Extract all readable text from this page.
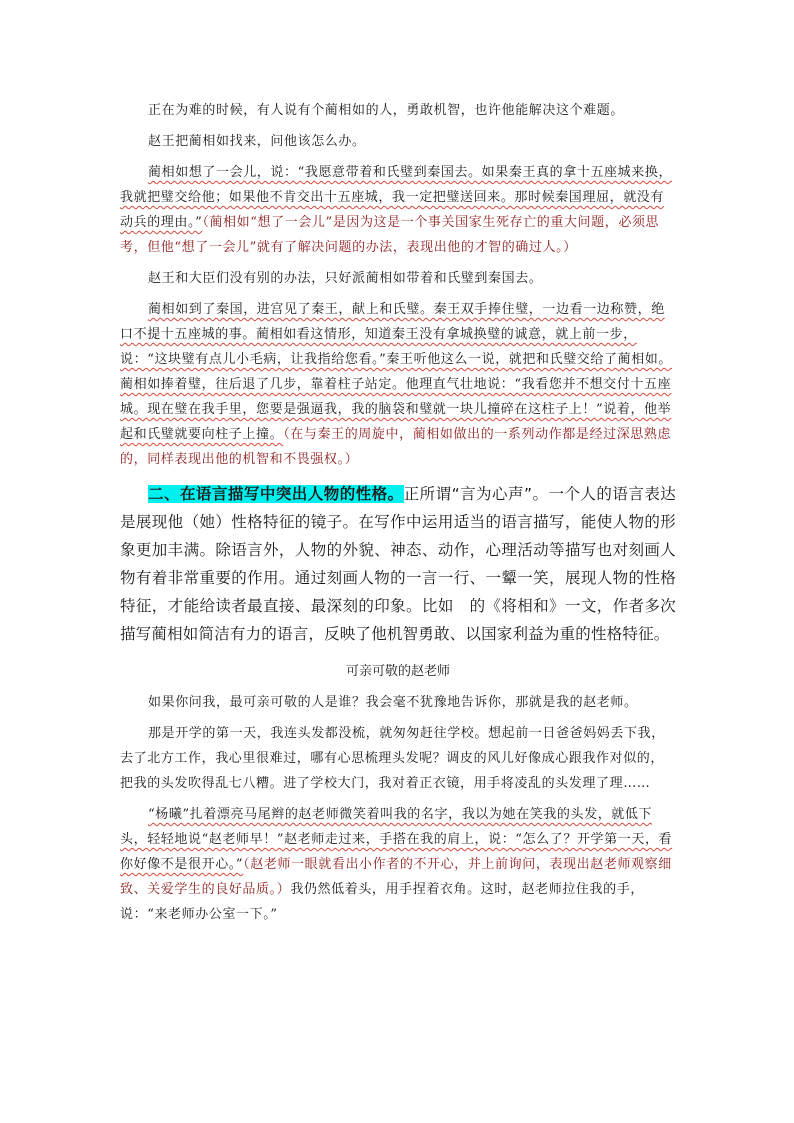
正在为难的时候，有人说有个蔺相如的人，勇敢机智，也许他能解决这个难题。

赵王把蔺相如找来，问他该怎么办。

蔺相如想了一会儿，说：“我愿意带着和氏璧到秦国去。如果秦王真的拿十五座城来换，我就把璧交给他；如果他不肯交出十五座城，我一定把璧送回来。那时候秦国理屈，就没有动兵的理由。”（蔺相如“想了一会儿”是因为这是一个事关国家生死存亡的重大问题，必须思考，但他“想了一会儿”就有了解决问题的办法，表现出他的才智的确过人。）

赵王和大臣们没有别的办法，只好派蔺相如带着和氏璧到秦国去。

蔺相如到了秦国，进宫见了秦王，献上和氏璧。秦王双手捧住璧，一边看一边称赞，绝口不提十五座城的事。蔺相如看这情形，知道秦王没有拿城换璧的诚意，就上前一步，说：“这块璧有点儿小毛病，让我指给您看。”秦王听他这么一说，就把和氏璧交给了蔺相如。蔺相如捧着璧，往后退了几步，靠着柱子站定。他理直气壮地说：“我看您并不想交付十五座城。现在璧在我手里，您要是强逼我，我的脑袋和璧就一块儿撞碎在这柱子上！”说着，他举起和氏璧就要向柱子上撞。（在与秦王的周旋中，蔺相如做出的一系列动作都是经过深思熟虑的，同样表现出他的机智和不畏强权。）

二、在语言描写中突出人物的性格。正所谓“言为心声”。一个人的语言表达是展现他（她）性格特征的镜子。在写作中运用适当的语言描写，能使人物的形象更加丰满。除语言外，人物的外貌、神态、动作，心理活动等描写也对刻画人物有着非常重要的作用。通过刻画人物的一言一行、一颦一笑，展现人物的性格特征，才能给读者最直接、最深刻的印象。比如　的《将相和》一文，作者多次描写蔺相如简洁有力的语言，反映了他机智勇敢、以国家利益为重的性格特征。

可亲可敬的赵老师

如果你问我，最可亲可敬的人是谁？我会毫不犹豫地告诉你，那就是我的赵老师。

那是开学的第一天，我连头发都没梳，就匆匆赶往学校。想起前一日爸爸妈妈丢下我，去了北方工作，我心里很难过，哪有心思梳理头发呢？调皮的风儿好像成心跟我作对似的，把我的头发吹得乱七八糟。进了学校大门，我对着正衣镜，用手将凌乱的头发理了理……

“杨曦”扎着漂亮马尾辫的赵老师微笑着叫我的名字，我以为她在笑我的头发，就低下头，轻轻地说“赵老师早！”赵老师走过来，手搭在我的肩上，说：“怎么了？开学第一天，看你好像不是很开心。”（赵老师一眼就看出小作者的不开心，并上前询问，表现出赵老师观察细致、关爱学生的良好品质。）我仍然低着头，用手捏着衣角。这时，赵老师拉住我的手，说：“来老师办公室一下。”
